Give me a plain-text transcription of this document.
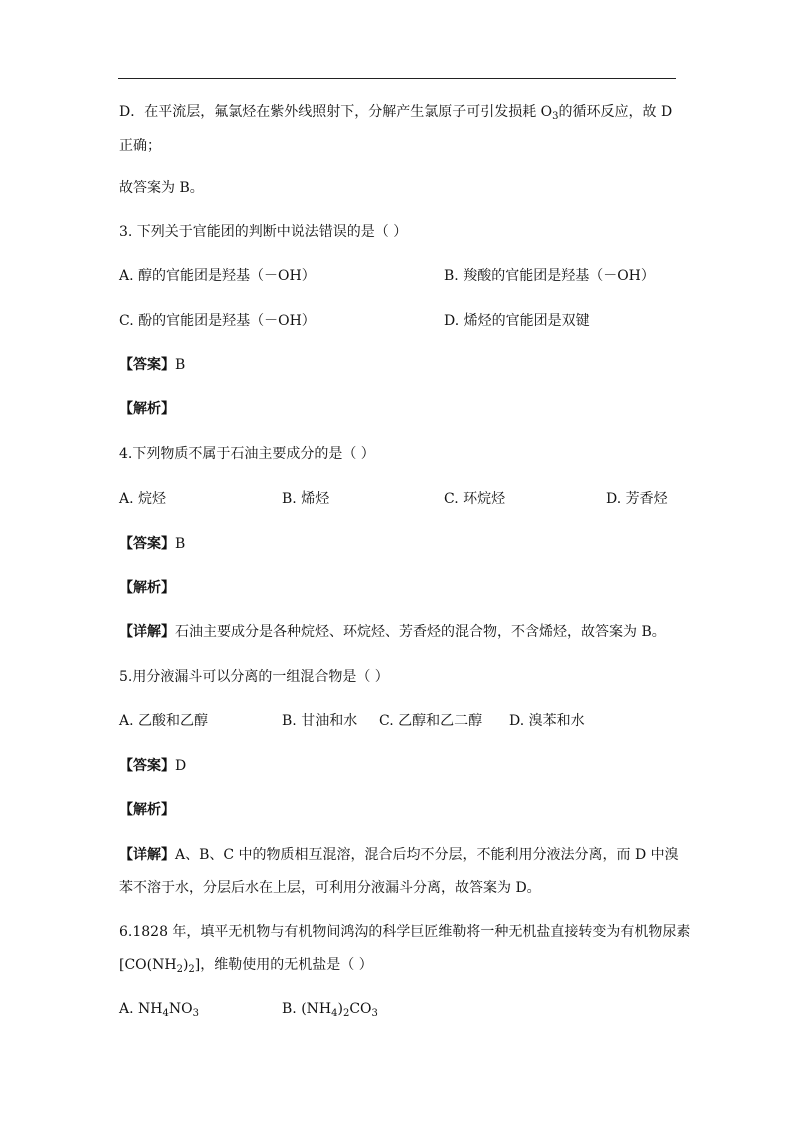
D．在平流层，氟氯烃在紫外线照射下，分解产生氯原子可引发损耗 $O_3$的循环反应，故 D
正确；
故答案为 B。
3. 下列关于官能团的判断中说法错误的是（ ）
A. 醇的官能团是羟基（－OH）	B. 羧酸的官能团是羟基（－OH）
C. 酚的官能团是羟基（－OH）	D. 烯烃的官能团是双键
【答案】B
【解析】
4.下列物质不属于石油主要成分的是（ ）
A. 烷烃	B. 烯烃	C. 环烷烃	D. 芳香烃
【答案】B
【解析】
【详解】石油主要成分是各种烷烃、环烷烃、芳香烃的混合物，不含烯烃，故答案为 B。
5.用分液漏斗可以分离的一组混合物是（ ）
A. 乙酸和乙醇	B. 甘油和水 C. 乙醇和乙二醇 D. 溴苯和水
【答案】D
【解析】
【详解】A、B、C 中的物质相互混溶，混合后均不分层，不能利用分液法分离，而 D 中溴
苯不溶于水，分层后水在上层，可利用分液漏斗分离，故答案为 D。
6.1828 年，填平无机物与有机物间鸿沟的科学巨匠维勒将一种无机盐直接转变为有机物尿素
$[CO(NH_2)_2]$，维勒使用的无机盐是（ ）
A. $NH_4NO_3$	B. $(NH_4)_2CO_3$
